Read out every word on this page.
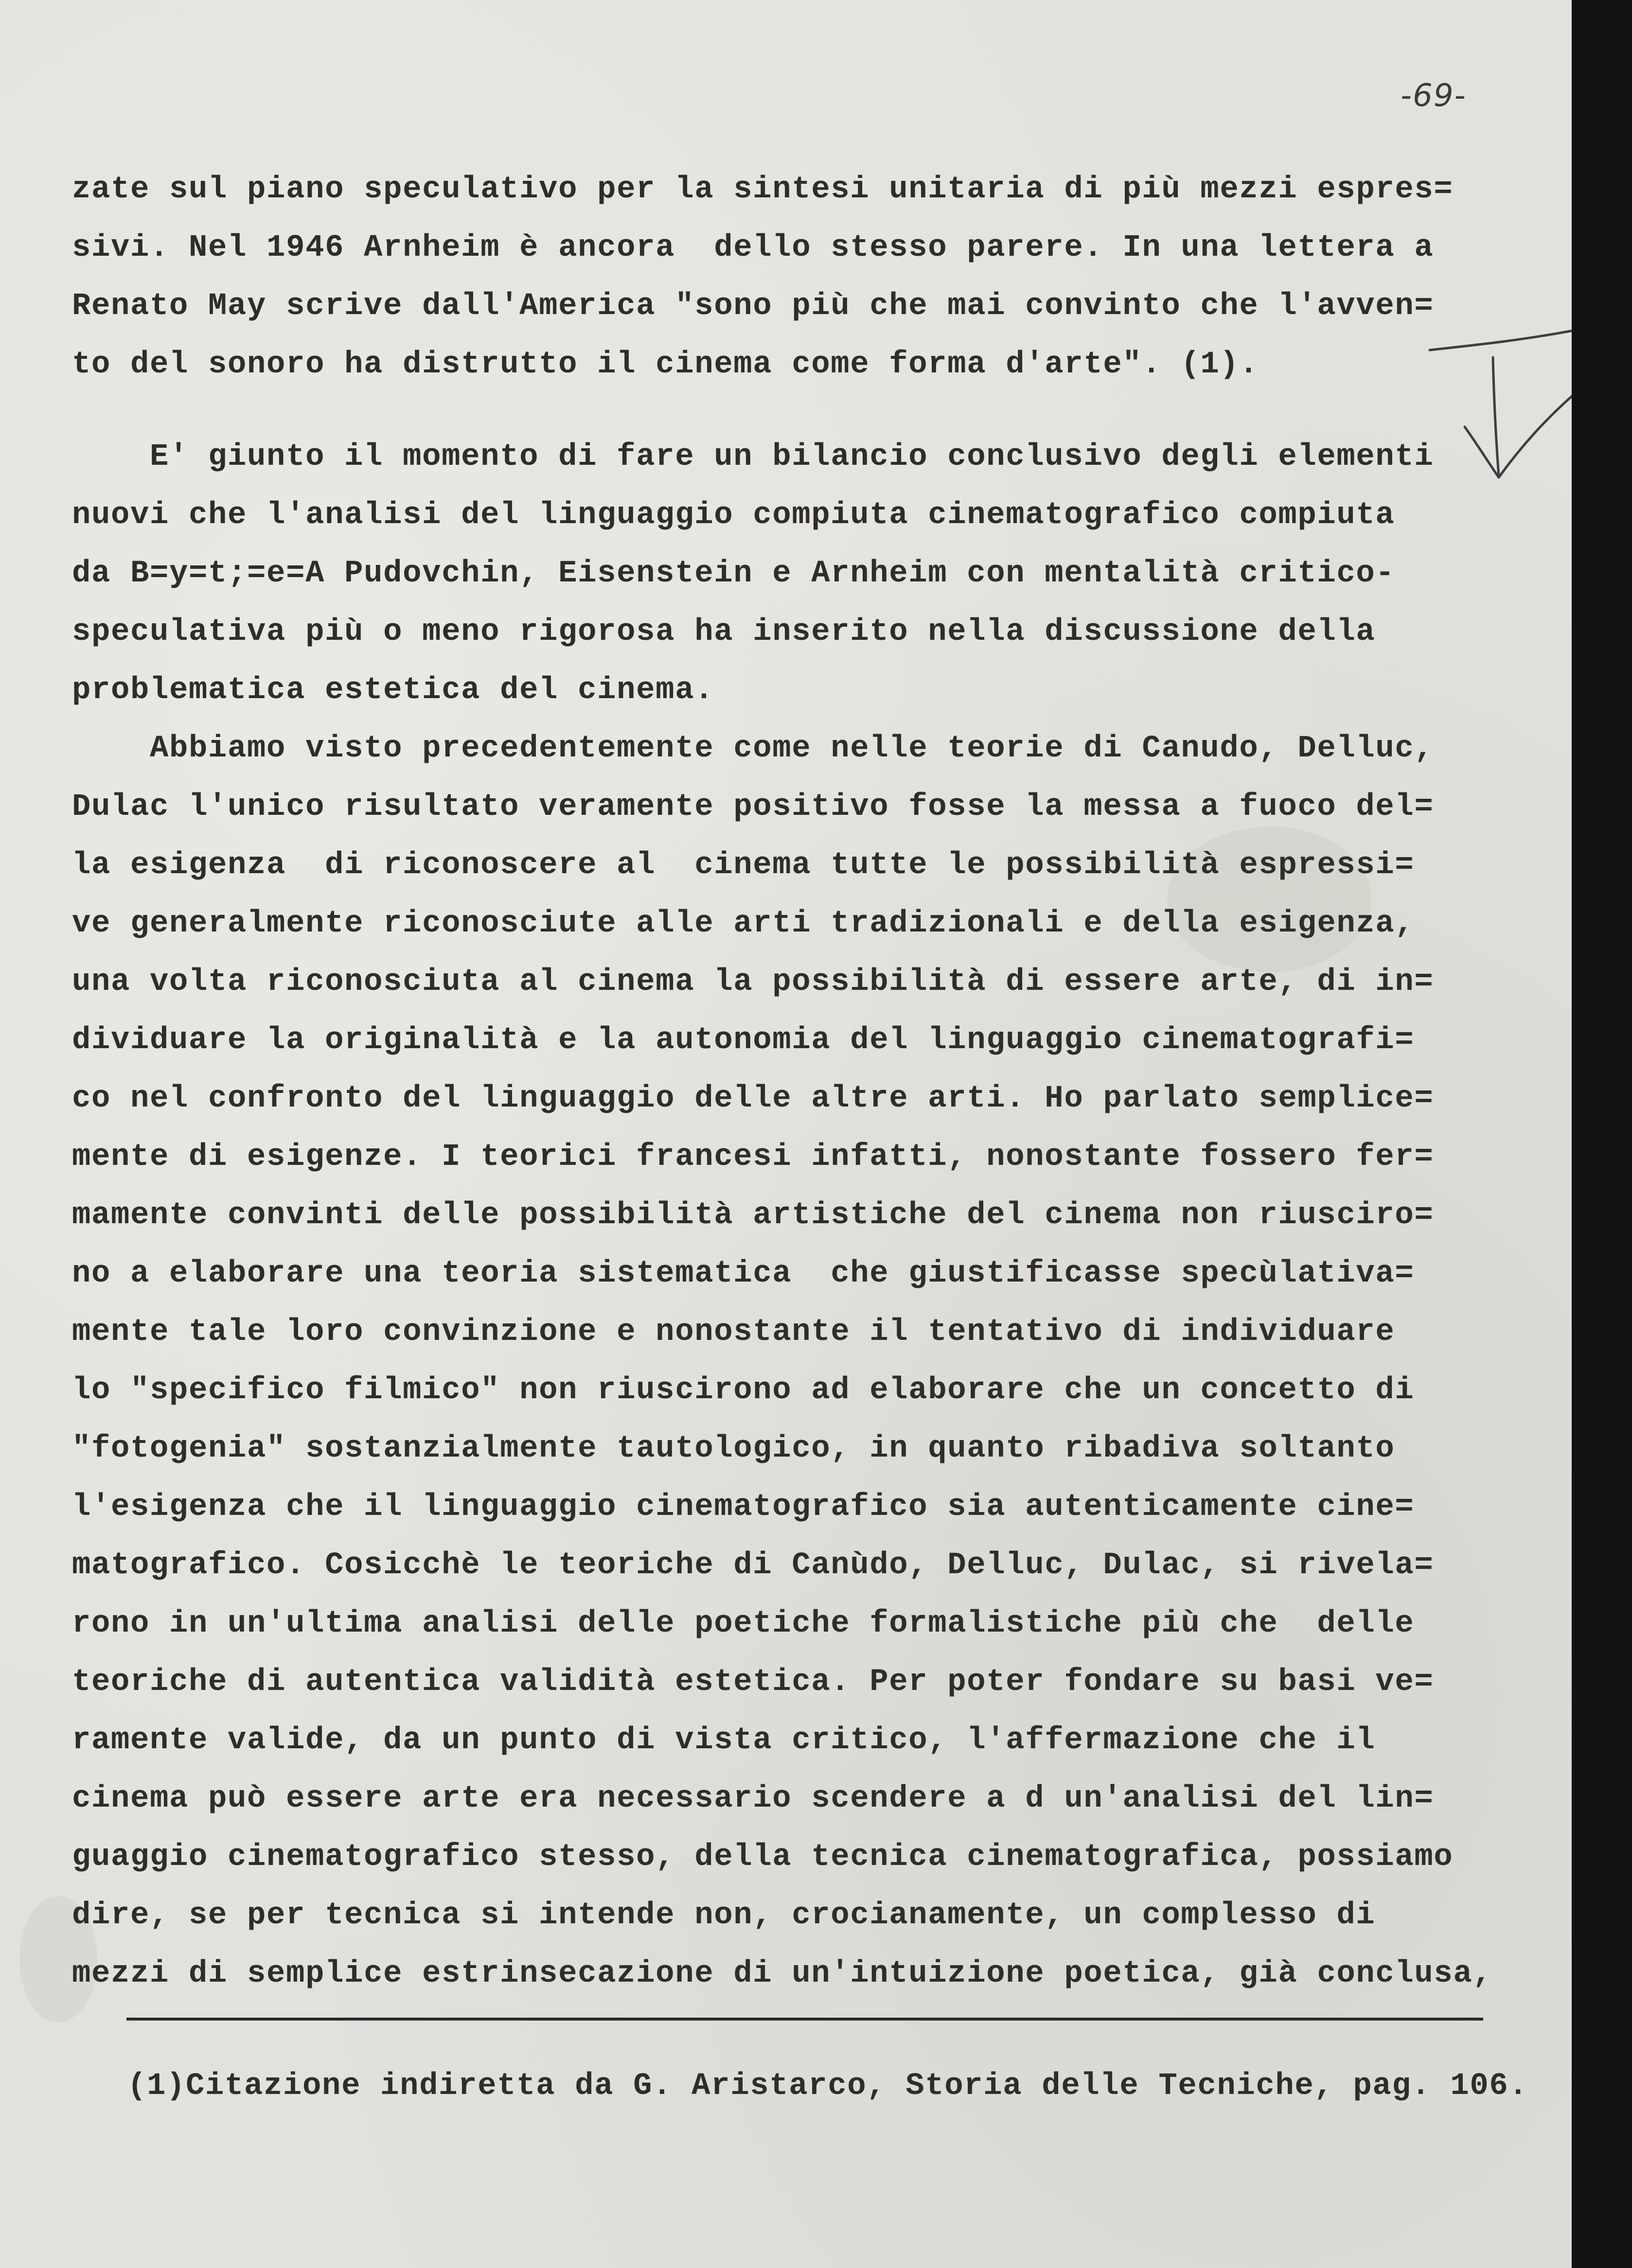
-69-
zate sul piano speculativo per la sintesi unitaria di più mezzi espres=
sivi. Nel 1946 Arnheim è ancora  dello stesso parere. In una lettera a
Renato May scrive dall'America "sono più che mai convinto che l'avven=
to del sonoro ha distrutto il cinema come forma d'arte". (1).
E' giunto il momento di fare un bilancio conclusivo degli elementi
nuovi che l'analisi del linguaggio compiuta cinematografico compiuta
da B=y=t;=e=A Pudovchin, Eisenstein e Arnheim con mentalità critico-
speculativa più o meno rigorosa ha inserito nella discussione della
problematica estetica del cinema.
Abbiamo visto precedentemente come nelle teorie di Canudo, Delluc,
Dulac l'unico risultato veramente positivo fosse la messa a fuoco del=
la esigenza  di riconoscere al  cinema tutte le possibilità espressi=
ve generalmente riconosciute alle arti tradizionali e della esigenza,
una volta riconosciuta al cinema la possibilità di essere arte, di in=
dividuare la originalità e la autonomia del linguaggio cinematografi=
co nel confronto del linguaggio delle altre arti. Ho parlato semplice=
mente di esigenze. I teorici francesi infatti, nonostante fossero fer=
mamente convinti delle possibilità artistiche del cinema non riusciro=
no a elaborare una teoria sistematica  che giustificasse specùlativa=
mente tale loro convinzione e nonostante il tentativo di individuare
lo "specifico filmico" non riuscirono ad elaborare che un concetto di
"fotogenia" sostanzialmente tautologico, in quanto ribadiva soltanto
l'esigenza che il linguaggio cinematografico sia autenticamente cine=
matografico. Cosicchè le teoriche di Canùdo, Delluc, Dulac, si rivela=
rono in un'ultima analisi delle poetiche formalistiche più che  delle
teoriche di autentica validità estetica. Per poter fondare su basi ve=
ramente valide, da un punto di vista critico, l'affermazione che il
cinema può essere arte era necessario scendere a d un'analisi del lin=
guaggio cinematografico stesso, della tecnica cinematografica, possiamo
dire, se per tecnica si intende non, crocianamente, un complesso di
mezzi di semplice estrinsecazione di un'intuizione poetica, già conclusa,
(1)Citazione indiretta da G. Aristarco, Storia delle Tecniche, pag. 106.
